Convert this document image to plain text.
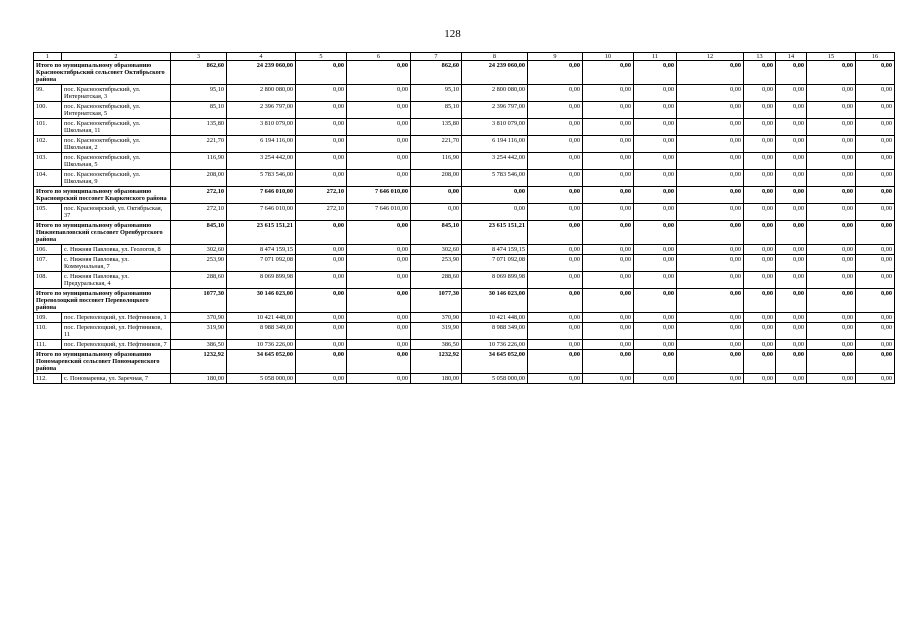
128
1	2	3	4	5	6	7	8	9	10	11	12	13	14	15	16
Итого по муниципальному образованию Краснооктябрьский сельсовет Октябрьского района		862,60	24 239 060,00	0,00	0,00	862,60	24 239 060,00	0,00	0,00	0,00	0,00	0,00	0,00	0,00	0,00
99.	пос. Краснооктябрьский, ул. Интернатская, 3	95,10	2 800 080,00	0,00	0,00	95,10	2 800 080,00	0,00	0,00	0,00	0,00	0,00	0,00	0,00	0,00
100.	пос. Краснооктябрьский, ул. Интернатская, 5	85,10	2 396 797,00	0,00	0,00	85,10	2 396 797,00	0,00	0,00	0,00	0,00	0,00	0,00	0,00	0,00
101.	пос. Краснооктябрьский, ул. Школьная, 11	135,80	3 810 079,00	0,00	0,00	135,80	3 810 079,00	0,00	0,00	0,00	0,00	0,00	0,00	0,00	0,00
102.	пос. Краснооктябрьский, ул. Школьная, 2	221,70	6 194 116,00	0,00	0,00	221,70	6 194 116,00	0,00	0,00	0,00	0,00	0,00	0,00	0,00	0,00
103.	пос. Краснооктябрьский, ул. Школьная, 5	116,90	3 254 442,00	0,00	0,00	116,90	3 254 442,00	0,00	0,00	0,00	0,00	0,00	0,00	0,00	0,00
104.	пос. Краснооктябрьский, ул. Школьная, 9	208,00	5 783 546,00	0,00	0,00	208,00	5 783 546,00	0,00	0,00	0,00	0,00	0,00	0,00	0,00	0,00
Итого по муниципальному образованию Красноярский поссовет Кваркенского района		272,10	7 646 010,00	272,10	7 646 010,00	0,00	0,00	0,00	0,00	0,00	0,00	0,00	0,00	0,00	0,00
105.	пос. Красноярский, ул. Октябрьская, 37	272,10	7 646 010,00	272,10	7 646 010,00	0,00	0,00	0,00	0,00	0,00	0,00	0,00	0,00	0,00	0,00
Итого по муниципальному образованию Нижнепавловский сельсовет Оренбургского района		845,10	23 615 151,21	0,00	0,00	845,10	23 615 151,21	0,00	0,00	0,00	0,00	0,00	0,00	0,00	0,00
106.	с. Нижняя Павловка, ул. Геологов, 8	302,60	8 474 159,15	0,00	0,00	302,60	8 474 159,15	0,00	0,00	0,00	0,00	0,00	0,00	0,00	0,00
107.	с. Нижняя Павловка, ул. Коммунальная, 7	253,90	7 071 092,08	0,00	0,00	253,90	7 071 092,08	0,00	0,00	0,00	0,00	0,00	0,00	0,00	0,00
108.	с. Нижняя Павловка, ул. Предуральская, 4	288,60	8 069 899,98	0,00	0,00	288,60	8 069 899,98	0,00	0,00	0,00	0,00	0,00	0,00	0,00	0,00
Итого по муниципальному образованию Переволоцкий поссовет Переволоцкого района		1077,30	30 146 023,00	0,00	0,00	1077,30	30 146 023,00	0,00	0,00	0,00	0,00	0,00	0,00	0,00	0,00
109.	пос. Переволоцкий, ул. Нефтяников, 1	370,90	10 421 448,00	0,00	0,00	370,90	10 421 448,00	0,00	0,00	0,00	0,00	0,00	0,00	0,00	0,00
110.	пос. Переволоцкий, ул. Нефтяников, 11	319,90	8 988 349,00	0,00	0,00	319,90	8 988 349,00	0,00	0,00	0,00	0,00	0,00	0,00	0,00	0,00
111.	пос. Переволоцкий, ул. Нефтяников, 7	386,50	10 736 226,00	0,00	0,00	386,50	10 736 226,00	0,00	0,00	0,00	0,00	0,00	0,00	0,00	0,00
Итого по муниципальному образованию Пономаревский сельсовет Пономаревского района		1232,92	34 645 052,00	0,00	0,00	1232,92	34 645 052,00	0,00	0,00	0,00	0,00	0,00	0,00	0,00	0,00
112.	с. Пономаревка, ул. Заречная, 7	180,00	5 058 000,00	0,00	0,00	180,00	5 058 000,00	0,00	0,00	0,00	0,00	0,00	0,00	0,00	0,00
